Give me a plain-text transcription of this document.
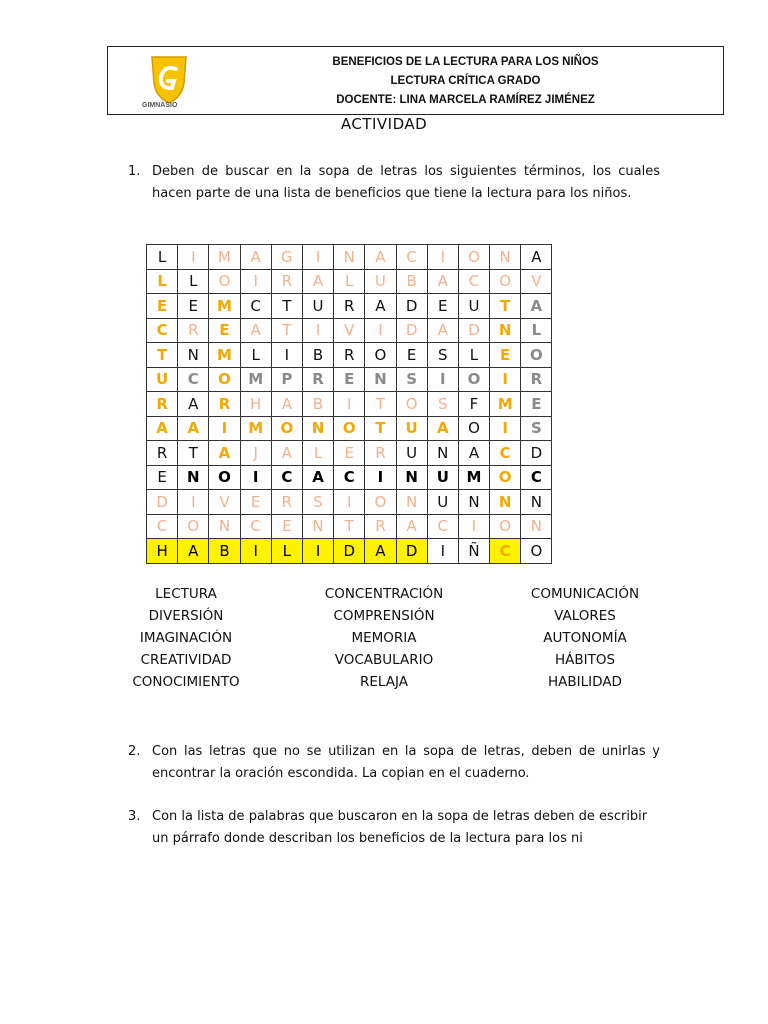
GIMNASIO
BENEFICIOS DE LA LECTURA PARA LOS NIÑOS
LECTURA CRÍTICA GRADO
DOCENTE: LINA MARCELA RAMÍREZ JIMÉNEZ
ACTIVIDAD
1. Deben de buscar en la sopa de letras los siguientes términos, los cuales hacen parte de una lista de beneficios que tiene la lectura para los niños.
L	I	M	A	G	I	N	A	C	I	O	N	A
L	L	O	I	R	A	L	U	B	A	C	O	V
E	E	M	C	T	U	R	A	D	E	U	T	A
C	R	E	A	T	I	V	I	D	A	D	N	L
T	N	M	L	I	B	R	O	E	S	L	E	O
U	C	O	M	P	R	E	N	S	I	O	I	R
R	A	R	H	A	B	I	T	O	S	F	M	E
A	A	I	M	O	N	O	T	U	A	O	I	S
R	T	A	J	A	L	E	R	U	N	A	C	D
E	N	O	I	C	A	C	I	N	U	M	O	C
D	I	V	E	R	S	I	O	N	U	N	N	N
C	O	N	C	E	N	T	R	A	C	I	O	N
H	A	B	I	L	I	D	A	D	I	Ñ	C	O
LECTURA
DIVERSIÓN
IMAGINACIÓN
CREATIVIDAD
CONOCIMIENTO
CONCENTRACIÓN
COMPRENSIÓN
MEMORIA
VOCABULARIO
RELAJA
COMUNICACIÓN
VALORES
AUTONOMÍA
HÁBITOS
HABILIDAD
2. Con las letras que no se utilizan en la sopa de letras, deben de unirlas y encontrar la oración escondida. La copian en el cuaderno.
3. Con la lista de palabras que buscaron en la sopa de letras deben de escribir un párrafo donde describan los beneficios de la lectura para los ni
